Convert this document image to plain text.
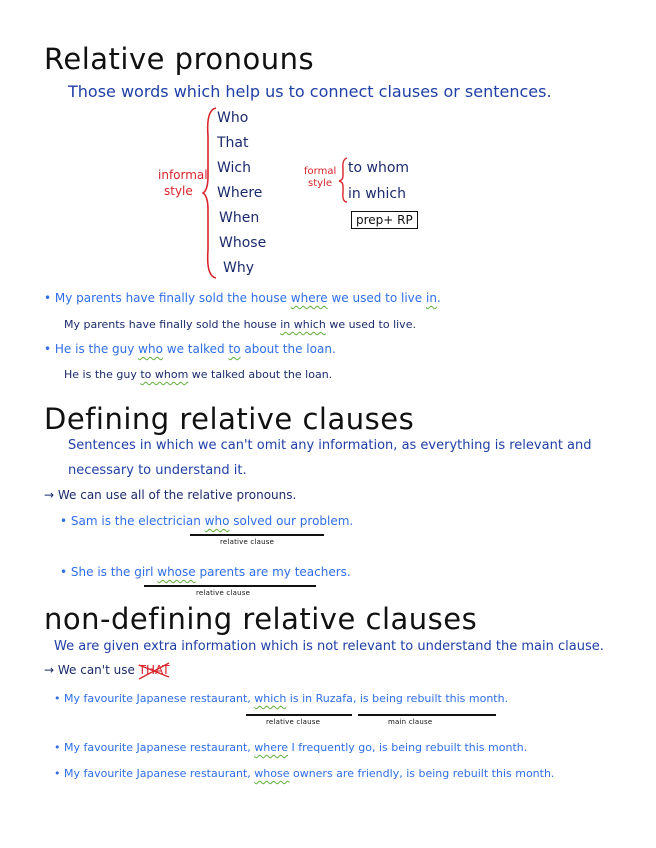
Relative pronouns
Those words which help us to connect clauses or sentences.
Who
That
Wich
Where
When
Whose
Why
informal
style
formal
style
to whom
in which
prep+ RP
• My parents have finally sold the house where we used to live in.
My parents have finally sold the house in which we used to live.
• He is the guy who we talked to about the loan.
He is the guy to whom we talked about the loan.
Defining relative clauses
Sentences in which we can't omit any information, as everything is relevant and
necessary to understand it.
→ We can use all of the relative pronouns.
• Sam is the electrician who solved our problem.
relative clause
• She is the girl whose parents are my teachers.
relative clause
non-defining relative clauses
We are given extra information which is not relevant to understand the main clause.
→ We can't use THAT
• My favourite Japanese restaurant, which is in Ruzafa, is being rebuilt this month.
relative clause	main clause
• My favourite Japanese restaurant, where I frequently go, is being rebuilt this month.
• My favourite Japanese restaurant, whose owners are friendly, is being rebuilt this month.
